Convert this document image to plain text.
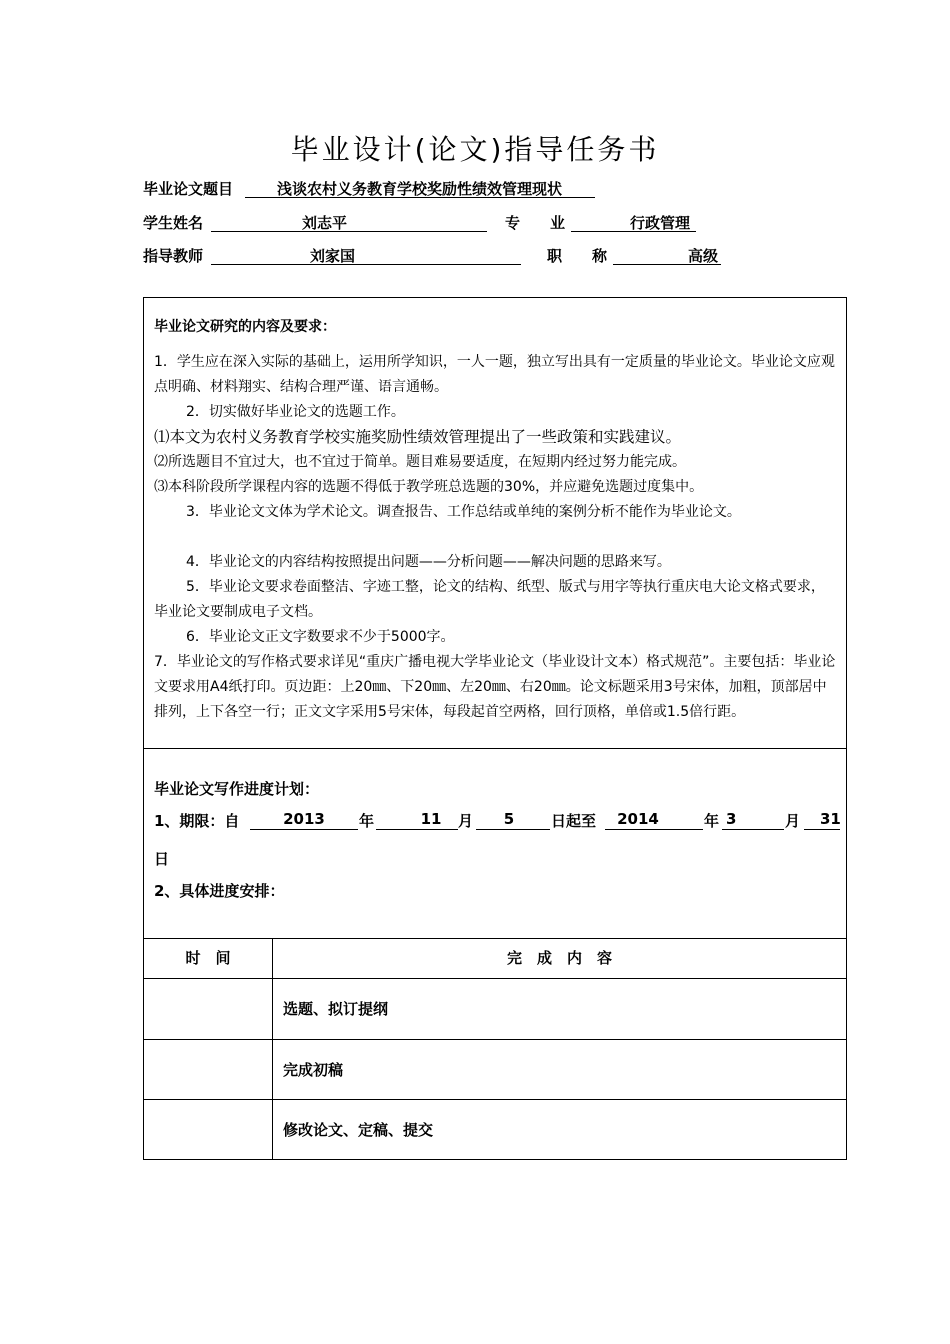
毕业设计(论文)指导任务书
毕业论文题目	浅谈农村义务教育学校奖励性绩效管理现状
学生姓名	刘志平	专　　业	行政管理
指导教师	刘家国	职　　称	高级
毕业论文研究的内容及要求：
1．学生应在深入实际的基础上，运用所学知识，一人一题，独立写出具有一定质量的毕业论文。毕业论文应观点明确、材料翔实、结构合理严谨、语言通畅。
2．切实做好毕业论文的选题工作。
⑴本文为农村义务教育学校实施奖励性绩效管理提出了一些政策和实践建议。
⑵所选题目不宜过大，也不宜过于简单。题目难易要适度，在短期内经过努力能完成。
⑶本科阶段所学课程内容的选题不得低于教学班总选题的30%，并应避免选题过度集中。
3．毕业论文文体为学术论文。调查报告、工作总结或单纯的案例分析不能作为毕业论文。
4．毕业论文的内容结构按照提出问题——分析问题——解决问题的思路来写。
5．毕业论文要求卷面整洁、字迹工整，论文的结构、纸型、版式与用字等执行重庆电大论文格式要求，毕业论文要制成电子文档。
6．毕业论文正文字数要求不少于5000字。
7．毕业论文的写作格式要求详见“重庆广播电视大学毕业论文（毕业设计文本）格式规范”。主要包括：毕业论文要求用A4纸打印。页边距：上20㎜、下20㎜、左20㎜、右20㎜。论文标题采用3号宋体，加粗，顶部居中排列，上下各空一行；正文文字采用5号宋体，每段起首空两格，回行顶格，单倍或1.5倍行距。
毕业论文写作进度计划：
1、期限：自	2013	年	11	月	5	日起至	2014	年 3	月 31
日
2、具体进度安排：
时　间	完　成　内　容
	选题、拟订提纲
	完成初稿
	修改论文、定稿、提交
